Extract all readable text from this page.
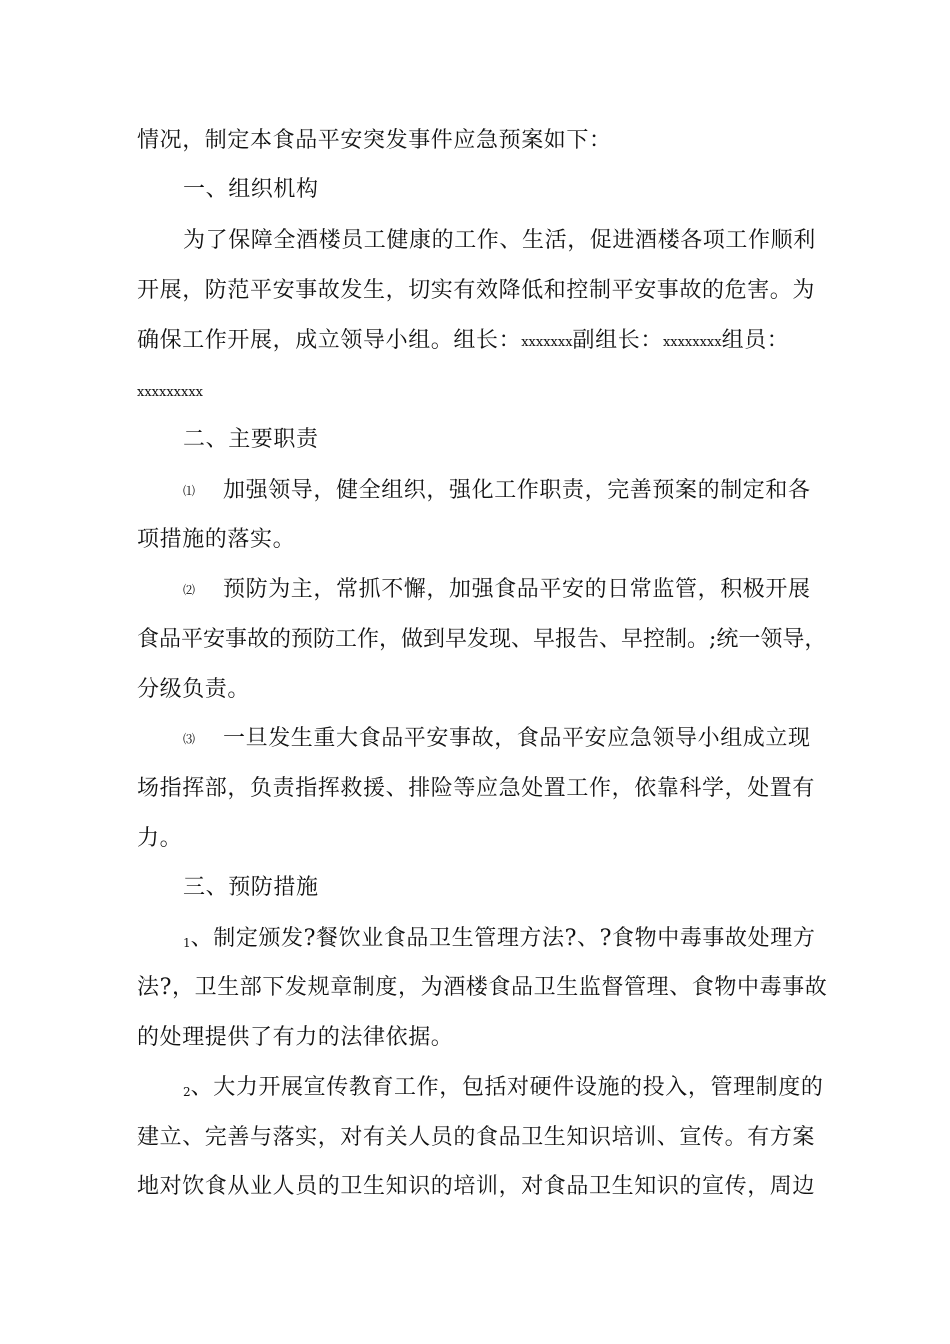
情况，制定本食品平安突发事件应急预案如下：
一、组织机构
为了保障全酒楼员工健康的工作、生活，促进酒楼各项工作顺利
开展，防范平安事故发生，切实有效降低和控制平安事故的危害。为
确保工作开展，成立领导小组。组长：xxxxxxx副组长：xxxxxxxx组员：
xxxxxxxxx
二、主要职责
⑴ 加强领导，健全组织，强化工作职责，完善预案的制定和各
项措施的落实。
⑵ 预防为主，常抓不懈，加强食品平安的日常监管，积极开展
食品平安事故的预防工作，做到早发现、早报告、早控制。;统一领导，
分级负责。
⑶ 一旦发生重大食品平安事故，食品平安应急领导小组成立现
场指挥部，负责指挥救援、排险等应急处置工作，依靠科学，处置有
力。
三、预防措施
1、制定颁发?餐饮业食品卫生管理方法?、?食物中毒事故处理方
法?，卫生部下发规章制度，为酒楼食品卫生监督管理、食物中毒事故
的处理提供了有力的法律依据。
2、大力开展宣传教育工作，包括对硬件设施的投入，管理制度的
建立、完善与落实，对有关人员的食品卫生知识培训、宣传。有方案
地对饮食从业人员的卫生知识的培训，对食品卫生知识的宣传，周边
